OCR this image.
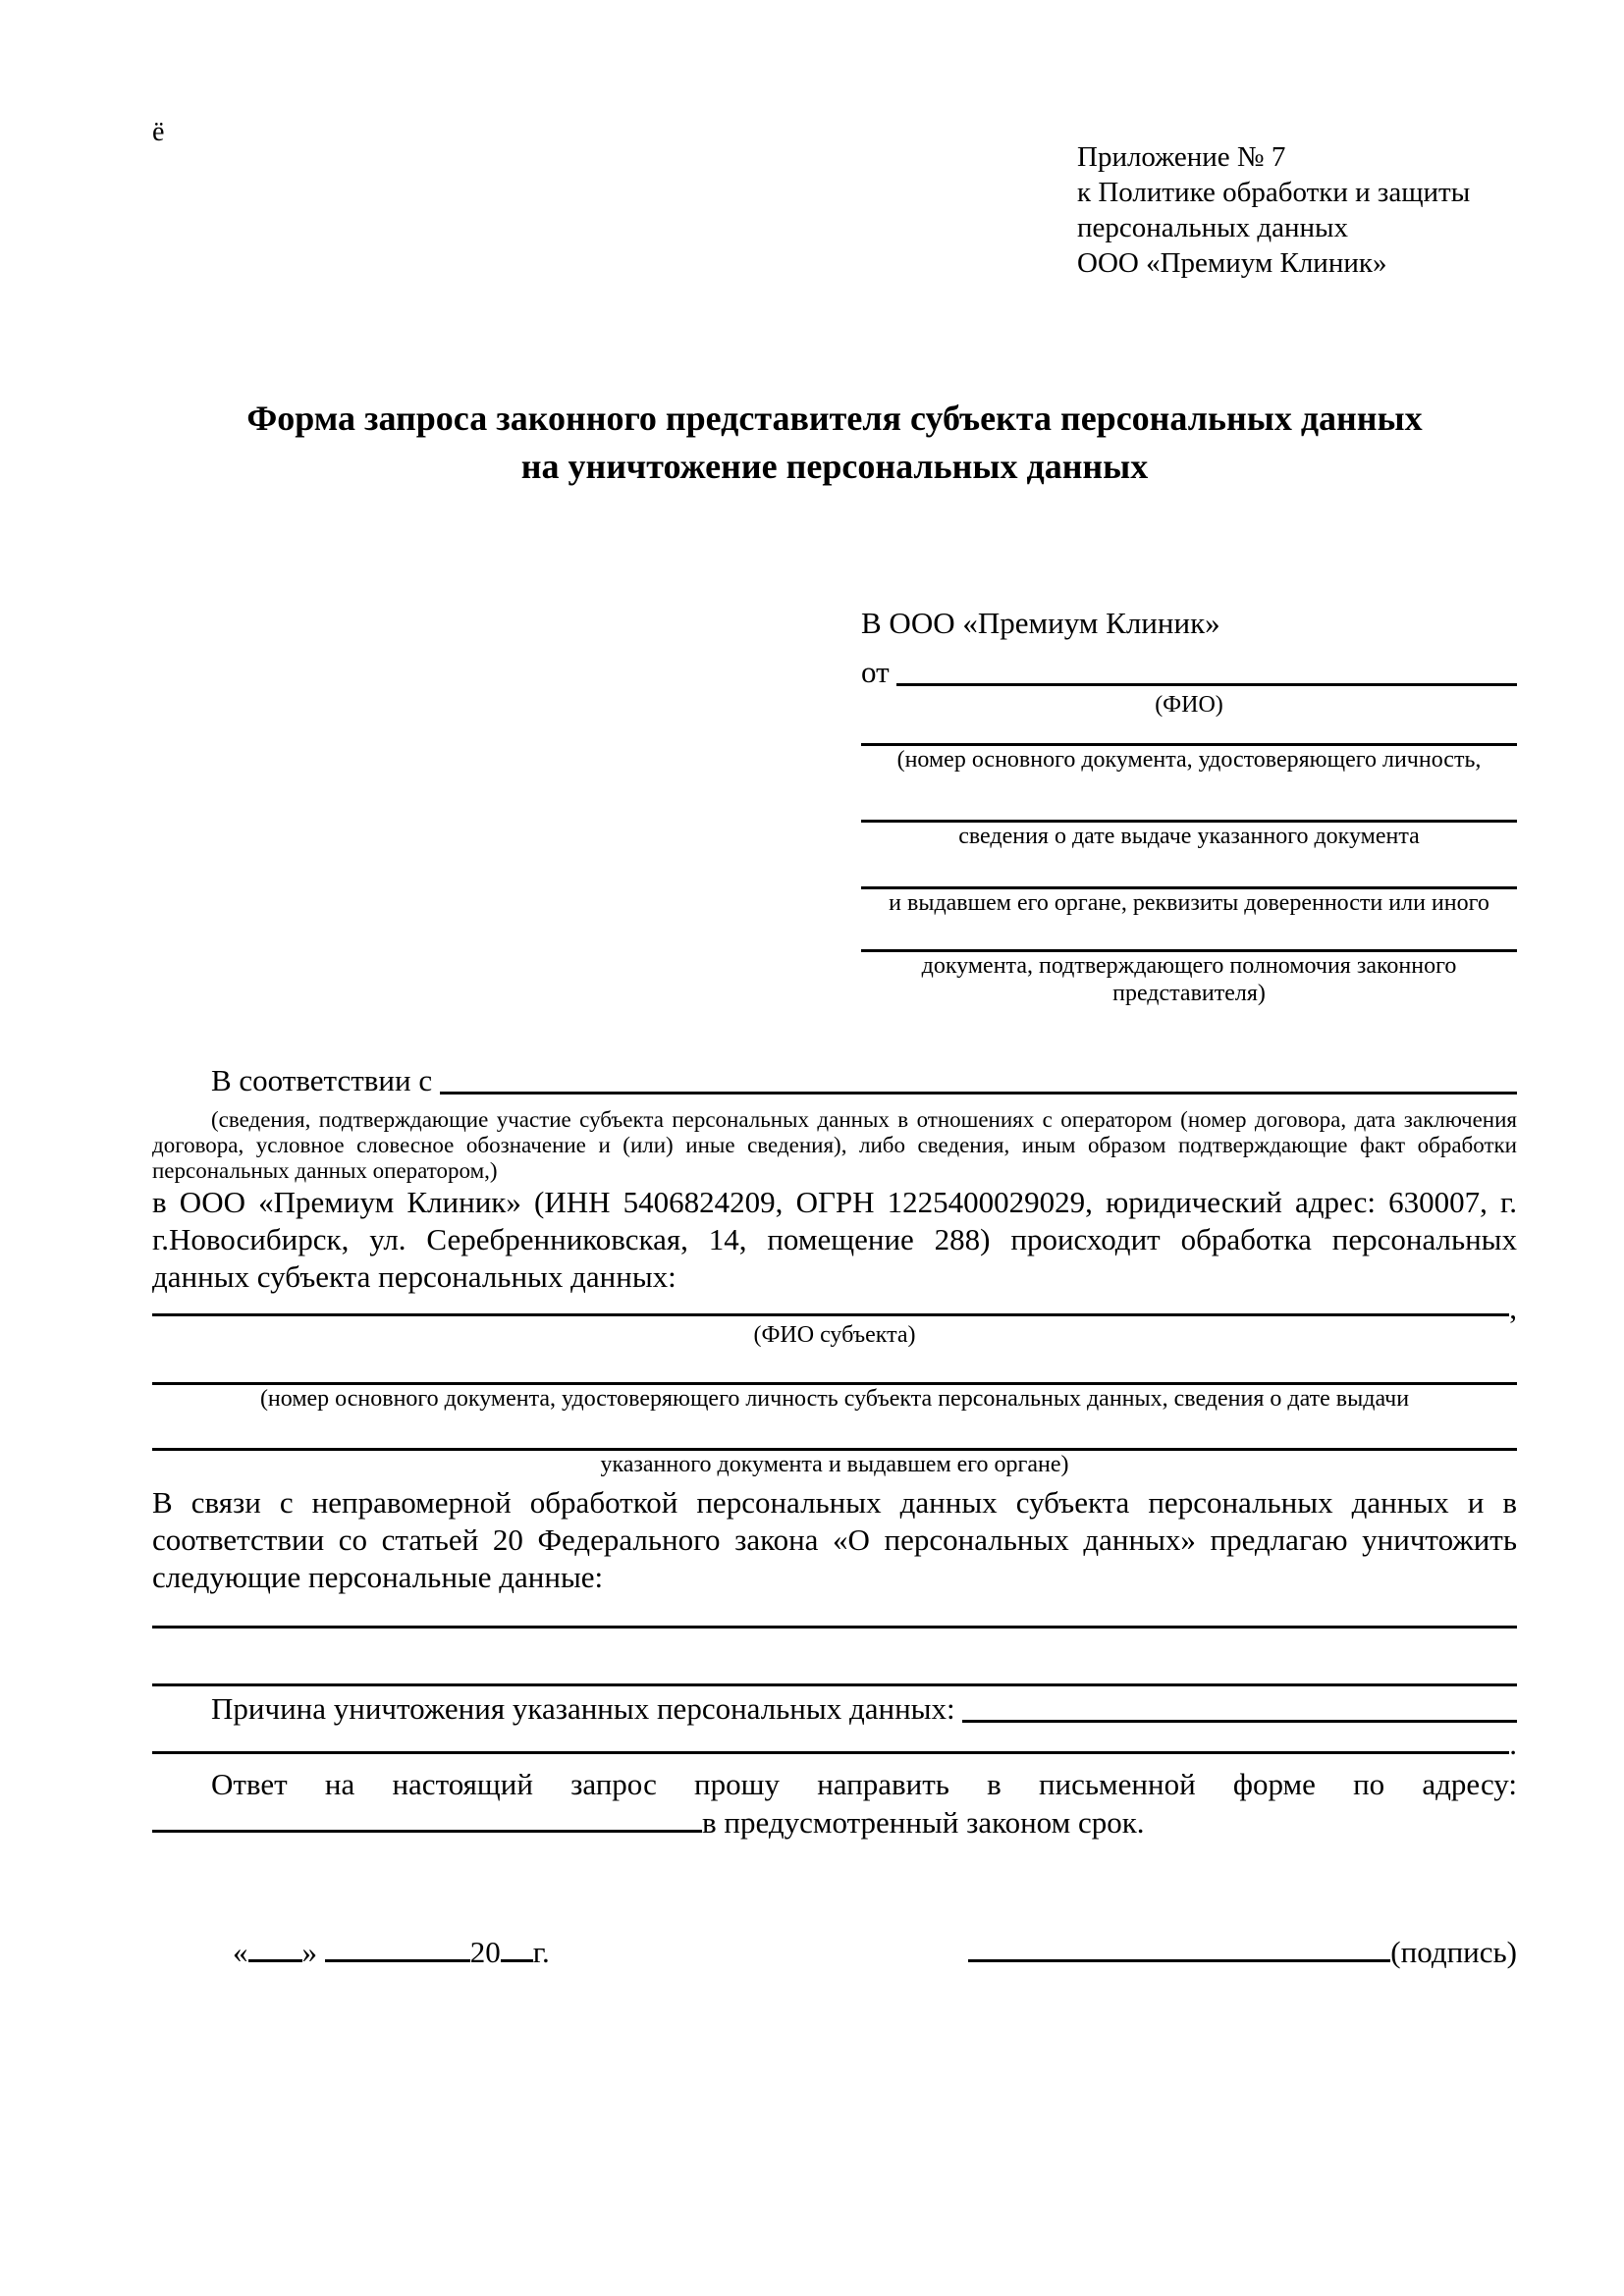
ё
Приложение № 7
к Политике обработки и защиты
персональных данных
ООО «Премиум Клиник»
Форма запроса законного представителя субъекта персональных данных
на уничтожение персональных данных
В ООО «Премиум Клиник»
от
(ФИО)
(номер основного документа, удостоверяющего личность,
сведения о дате выдаче указанного документа
и выдавшем его органе, реквизиты доверенности или иного
документа, подтверждающего полномочия законного представителя)
В соответствии с
(сведения, подтверждающие участие субъекта персональных данных в отношениях с оператором (номер договора, дата заключения договора, условное словесное обозначение и (или) иные сведения), либо сведения, иным образом подтверждающие факт обработки персональных данных оператором,)
в ООО «Премиум Клиник» (ИНН 5406824209, ОГРН 1225400029029, юридический адрес: 630007, г. г.Новосибирск, ул. Серебренниковская, 14, помещение 288) происходит обработка персональных данных субъекта персональных данных:
,
(ФИО субъекта)
(номер основного документа, удостоверяющего личность субъекта персональных данных, сведения о дате выдачи
указанного документа и выдавшем его органе)
В связи с неправомерной обработкой персональных данных субъекта персональных данных и в соответствии со статьей 20 Федерального закона «О персональных данных» предлагаю уничтожить следующие персональные данные:
Причина уничтожения указанных персональных данных:
.

Ответ на настоящий запрос прошу направить в письменной форме по адресу: в предусмотренный законом срок.

« »	20 г.	(подпись)
